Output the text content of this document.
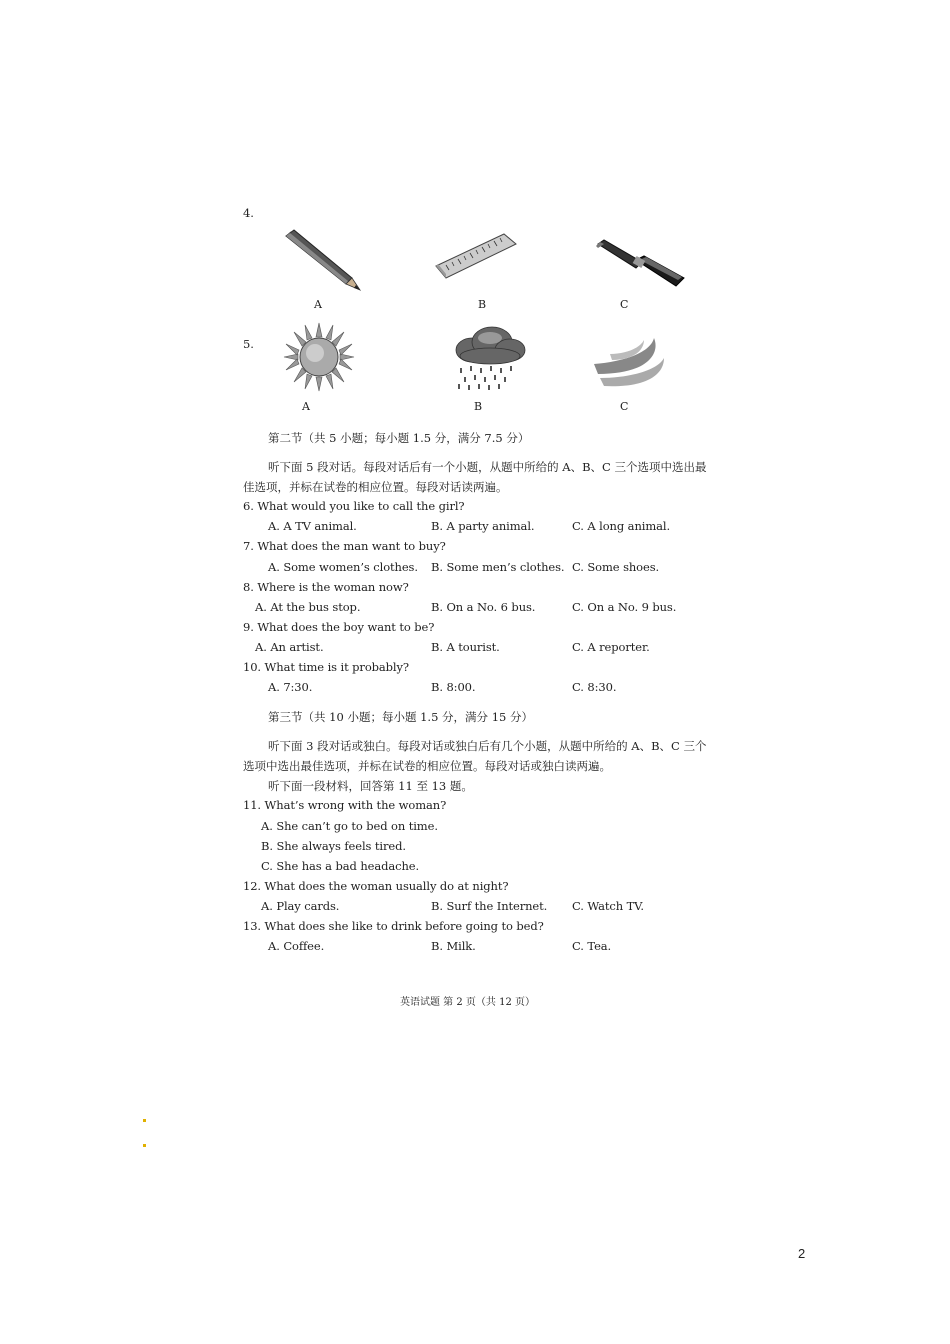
4.
A	B	C
5.
A	B	C
第二节（共 5 小题；每小题 1.5 分，满分 7.5 分）
听下面 5 段对话。每段对话后有一个小题，从题中所给的 A、B、C 三个选项中选出最
佳选项，并标在试卷的相应位置。每段对话读两遍。
6. What would you like to call the girl?
A. A TV animal.	B. A party animal.	C. A long animal.
7. What does the man want to buy?
A. Some women’s clothes. B. Some men’s clothes. C. Some shoes.
8. Where is the woman now?
A. At the bus stop.	B. On a No. 6 bus.	C. On a No. 9 bus.
9. What does the boy want to be?
A. An artist.	B. A tourist.	C. A reporter.
10. What time is it probably?
A. 7:30.	B. 8:00.	C. 8:30.
第三节（共 10 小题；每小题 1.5 分，满分 15 分）
听下面 3 段对话或独白。每段对话或独白后有几个小题，从题中所给的 A、B、C 三个
选项中选出最佳选项，并标在试卷的相应位置。每段对话或独白读两遍。
听下面一段材料，回答第 11 至 13 题。
11. What’s wrong with the woman?
A. She can’t go to bed on time.
B. She always feels tired.
C. She has a bad headache.
12. What does the woman usually do at night?
A. Play cards.	B. Surf the Internet. C. Watch TV.
13. What does she like to drink before going to bed?
A. Coffee.	B. Milk.	C. Tea.
英语试题 第 2 页（共 12 页）
2
